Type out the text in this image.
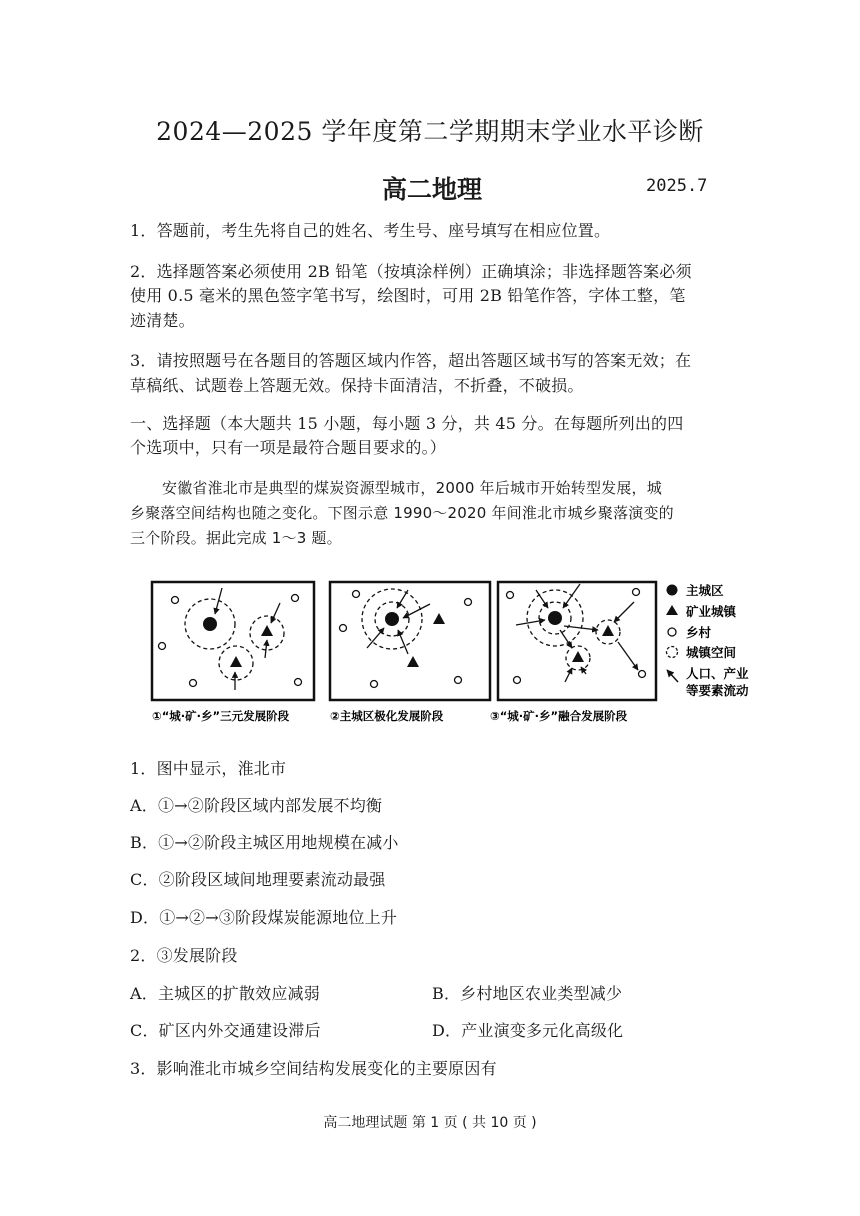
2024—2025 学年度第二学期期末学业水平诊断
高二地理	2025.7
1．答题前，考生先将自己的姓名、考生号、座号填写在相应位置。
2．选择题答案必须使用 2B 铅笔（按填涂样例）正确填涂；非选择题答案必须
使用 0.5 毫米的黑色签字笔书写，绘图时，可用 2B 铅笔作答，字体工整，笔
迹清楚。
3．请按照题号在各题目的答题区域内作答，超出答题区域书写的答案无效；在
草稿纸、试题卷上答题无效。保持卡面清洁，不折叠，不破损。
一、选择题（本大题共 15 小题，每小题 3 分，共 45 分。在每题所列出的四
个选项中，只有一项是最符合题目要求的。）
安徽省淮北市是典型的煤炭资源型城市，2000 年后城市开始转型发展，城
乡聚落空间结构也随之变化。下图示意 1990～2020 年间淮北市城乡聚落演变的
三个阶段。据此完成 1～3 题。
主城区
矿业城镇
乡村
城镇空间
人口、产业
等要素流动
①“城·矿·乡”三元发展阶段	②主城区极化发展阶段	③“城·矿·乡”融合发展阶段
1．图中显示，淮北市
A．①→②阶段区域内部发展不均衡
B．①→②阶段主城区用地规模在减小
C．②阶段区域间地理要素流动最强
D．①→②→③阶段煤炭能源地位上升
2．③发展阶段
A．主城区的扩散效应减弱	B．乡村地区农业类型减少
C．矿区内外交通建设滞后	D．产业演变多元化高级化
3．影响淮北市城乡空间结构发展变化的主要原因有
高二地理试题 第 1 页 ( 共 10 页 )
